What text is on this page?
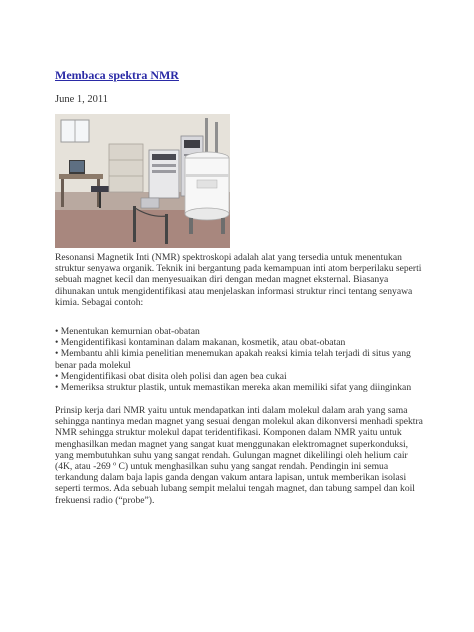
Membaca spektra NMR
June 1, 2011
Resonansi Magnetik Inti (NMR) spektroskopi adalah alat yang tersedia untuk menentukan struktur senyawa organik. Teknik ini bergantung pada kemampuan inti atom berperilaku seperti sebuah magnet kecil dan menyesuaikan diri dengan medan magnet eksternal. Biasanya dihunakan untuk mengidentifikasi atau menjelaskan informasi struktur rinci tentang senyawa kimia. Sebagai contoh:
• Menentukan kemurnian obat-obatan
• Mengidentifikasi kontaminan dalam makanan, kosmetik, atau obat-obatan
• Membantu ahli kimia penelitian menemukan apakah reaksi kimia telah terjadi di situs yang benar pada molekul
• Mengidentifikasi obat disita oleh polisi dan agen bea cukai
• Memeriksa struktur plastik, untuk memastikan mereka akan memiliki sifat yang diinginkan
Prinsip kerja dari NMR yaitu untuk mendapatkan inti dalam molekul dalam arah yang sama sehingga nantinya medan magnet yang sesuai dengan molekul akan dikonversi menhadi spektra NMR sehingga struktur molekul dapat teridentifikasi. Komponen dalam NMR yaitu untuk menghasilkan medan magnet yang sangat kuat menggunakan elektromagnet superkonduksi, yang membutuhkan suhu yang sangat rendah. Gulungan magnet dikelilingi oleh helium cair (4K, atau -269 º C) untuk menghasilkan suhu yang sangat rendah. Pendingin ini semua terkandung dalam baja lapis ganda dengan vakum antara lapisan, untuk memberikan isolasi seperti termos. Ada sebuah lubang sempit melalui tengah magnet, dan tabung sampel dan koil frekuensi radio (“probe”).
